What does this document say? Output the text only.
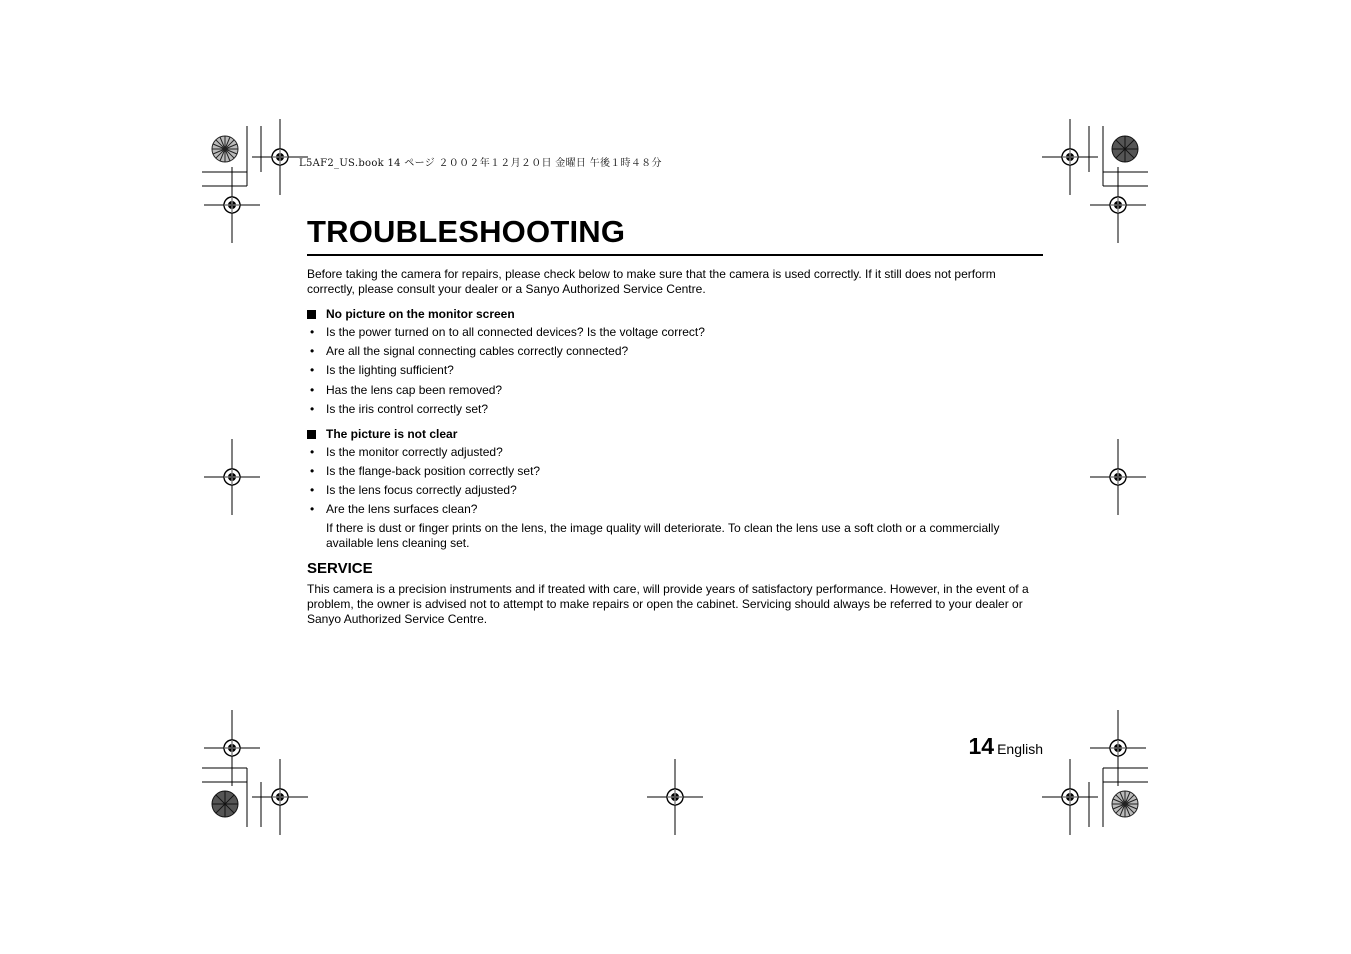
L5AF2_US.book 14 ページ ２００２年１２月２０日 金曜日 午後１時４８分
TROUBLESHOOTING

Before taking the camera for repairs, please check below to make sure that the camera is used correctly. If it still does not perform correctly, please consult your dealer or a Sanyo Authorized Service Centre.

No picture on the monitor screen
• Is the power turned on to all connected devices? Is the voltage correct?
• Are all the signal connecting cables correctly connected?
• Is the lighting sufficient?
• Has the lens cap been removed?
• Is the iris control correctly set?
The picture is not clear
• Is the monitor correctly adjusted?
• Is the flange-back position correctly set?
• Is the lens focus correctly adjusted?
• Are the lens surfaces clean?
If there is dust or finger prints on the lens, the image quality will deteriorate. To clean the lens use a soft cloth or a commercially available lens cleaning set.
SERVICE

This camera is a precision instruments and if treated with care, will provide years of satisfactory performance. However, in the event of a problem, the owner is advised not to attempt to make repairs or open the cabinet. Servicing should always be referred to your dealer or Sanyo Authorized Service Centre.

14 English
